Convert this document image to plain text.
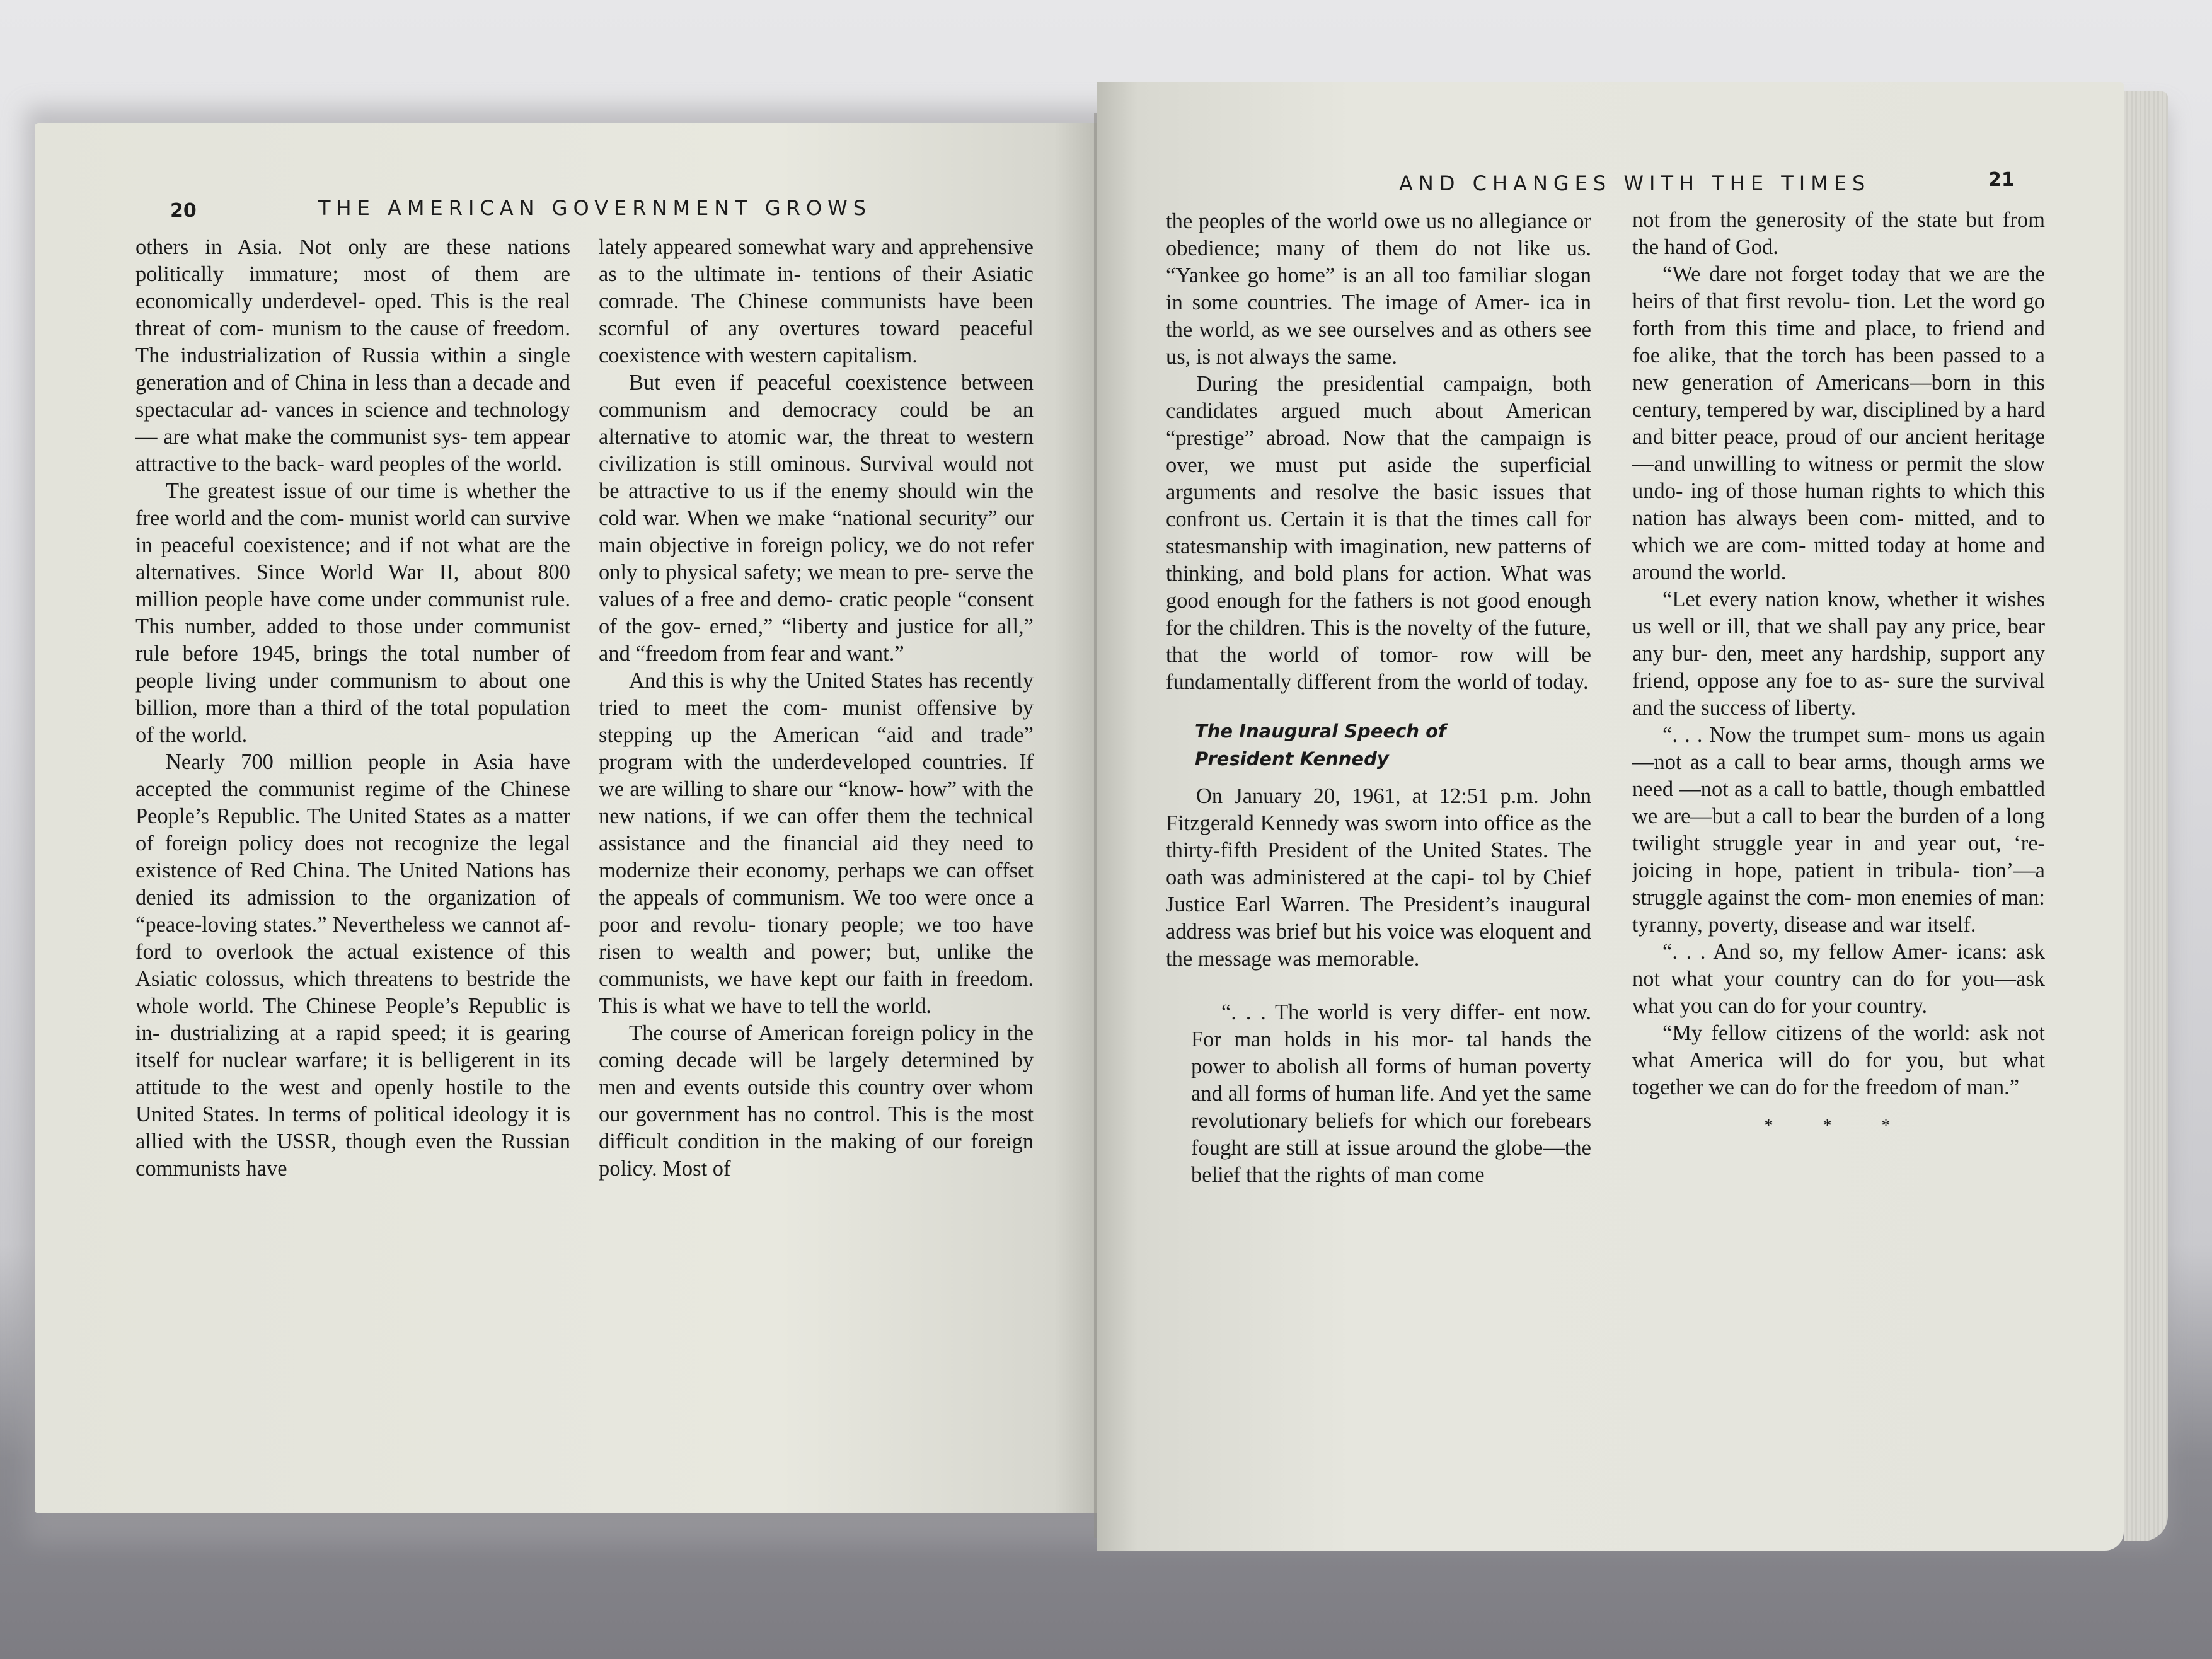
20	THE AMERICAN GOVERNMENT GROWS

others in Asia. Not only are these nations politically immature; most of them are economically underdevel- oped. This is the real threat of com- munism to the cause of freedom. The industrialization of Russia within a single generation and of China in less than a decade and spectacular ad- vances in science and technology— are what make the communist sys- tem appear attractive to the back- ward peoples of the world.

The greatest issue of our time is whether the free world and the com- munist world can survive in peaceful coexistence; and if not what are the alternatives. Since World War II, about 800 million people have come under communist rule. This number, added to those under communist rule before 1945, brings the total number of people living under communism to about one billion, more than a third of the total population of the world.

Nearly 700 million people in Asia have accepted the communist regime of the Chinese People’s Republic. The United States as a matter of foreign policy does not recognize the legal existence of Red China. The United Nations has denied its admission to the organization of “peace-loving states.” Nevertheless we cannot af- ford to overlook the actual existence of this Asiatic colossus, which threatens to bestride the whole world. The Chinese People’s Republic is in- dustrializing at a rapid speed; it is gearing itself for nuclear warfare; it is belligerent in its attitude to the west and openly hostile to the United States. In terms of political ideology it is allied with the USSR, though even the Russian communists have

lately appeared somewhat wary and apprehensive as to the ultimate in- tentions of their Asiatic comrade. The Chinese communists have been scornful of any overtures toward peaceful coexistence with western capitalism.

But even if peaceful coexistence between communism and democracy could be an alternative to atomic war, the threat to western civilization is still ominous. Survival would not be attractive to us if the enemy should win the cold war. When we make “national security” our main objective in foreign policy, we do not refer only to physical safety; we mean to pre- serve the values of a free and demo- cratic people “consent of the gov- erned,” “liberty and justice for all,” and “freedom from fear and want.”

And this is why the United States has recently tried to meet the com- munist offensive by stepping up the American “aid and trade” program with the underdeveloped countries. If we are willing to share our “know- how” with the new nations, if we can offer them the technical assistance and the financial aid they need to modernize their economy, perhaps we can offset the appeals of communism. We too were once a poor and revolu- tionary people; we too have risen to wealth and power; but, unlike the communists, we have kept our faith in freedom. This is what we have to tell the world.

The course of American foreign policy in the coming decade will be largely determined by men and events outside this country over whom our government has no control. This is the most difficult condition in the making of our foreign policy. Most of

AND CHANGES WITH THE TIMES	21

the peoples of the world owe us no allegiance or obedience; many of them do not like us. “Yankee go home” is an all too familiar slogan in some countries. The image of Amer- ica in the world, as we see ourselves and as others see us, is not always the same.

During the presidential campaign, both candidates argued much about American “prestige” abroad. Now that the campaign is over, we must put aside the superficial arguments and resolve the basic issues that confront us. Certain it is that the times call for statesmanship with imagination, new patterns of thinking, and bold plans for action. What was good enough for the fathers is not good enough for the children. This is the novelty of the future, that the world of tomor- row will be fundamentally different from the world of today.

The Inaugural Speech of
President Kennedy

On January 20, 1961, at 12:51 p.m. John Fitzgerald Kennedy was sworn into office as the thirty-fifth President of the United States. The oath was administered at the capi- tol by Chief Justice Earl Warren. The President’s inaugural address was brief but his voice was eloquent and the message was memorable.

“. . . The world is very differ- ent now. For man holds in his mor- tal hands the power to abolish all forms of human poverty and all forms of human life. And yet the same revolutionary beliefs for which our forebears fought are still at issue around the globe—the belief that the rights of man come

not from the generosity of the state but from the hand of God.

“We dare not forget today that we are the heirs of that first revolu- tion. Let the word go forth from this time and place, to friend and foe alike, that the torch has been passed to a new generation of Americans—born in this century, tempered by war, disciplined by a hard and bitter peace, proud of our ancient heritage—and unwilling to witness or permit the slow undo- ing of those human rights to which this nation has always been com- mitted, and to which we are com- mitted today at home and around the world.

“Let every nation know, whether it wishes us well or ill, that we shall pay any price, bear any bur- den, meet any hardship, support any friend, oppose any foe to as- sure the survival and the success of liberty.

“. . . Now the trumpet sum- mons us again—not as a call to bear arms, though arms we need —not as a call to battle, though embattled we are—but a call to bear the burden of a long twilight struggle year in and year out, ‘re- joicing in hope, patient in tribula- tion’—a struggle against the com- mon enemies of man: tyranny, poverty, disease and war itself.

“. . . And so, my fellow Amer- icans: ask not what your country can do for you—ask what you can do for your country.

“My fellow citizens of the world: ask not what America will do for you, but what together we can do for the freedom of man.”

* * *
